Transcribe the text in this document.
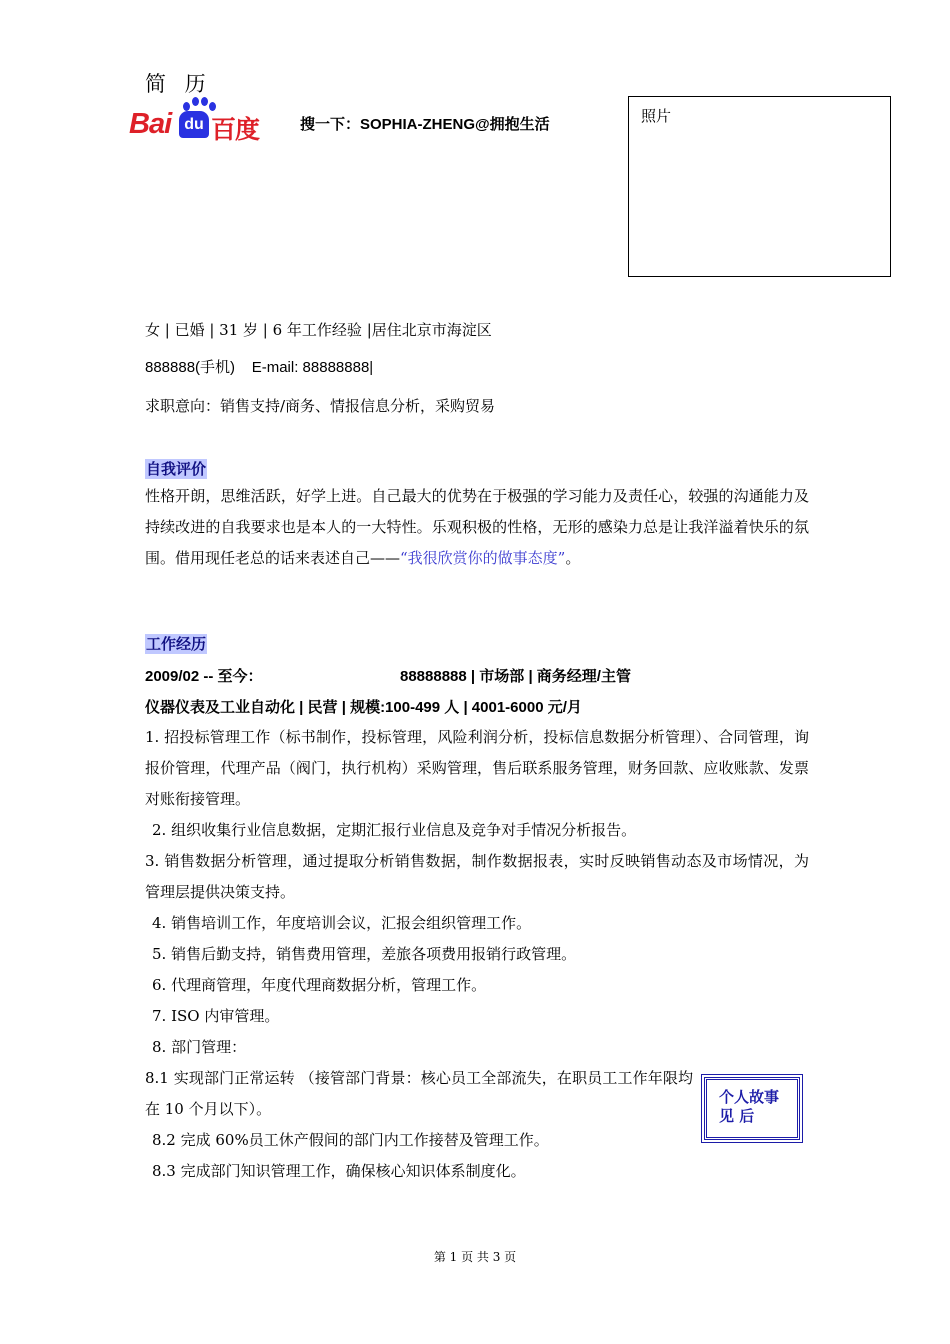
简 历
Bai du 百度	搜一下：SOPHIA-ZHENG@拥抱生活	照片
女 | 已婚 | 31 岁 | 6 年工作经验 |居住北京市海淀区
888888(手机)    E-mail: 88888888|
求职意向：销售支持/商务、情报信息分析，采购贸易
自我评价
性格开朗，思维活跃，好学上进。自己最大的优势在于极强的学习能力及责任心，较强的沟通能力及持续改进的自我要求也是本人的一大特性。乐观积极的性格，无形的感染力总是让我洋溢着快乐的氛围。借用现任老总的话来表述自己——“我很欣赏你的做事态度”。
工作经历
2009/02 -- 至今：	88888888 | 市场部 | 商务经理/主管
仪器仪表及工业自动化 | 民营 | 规模:100-499 人 | 4001-6000 元/月
1. 招投标管理工作（标书制作，投标管理，风险利润分析，投标信息数据分析管理）、合同管理，询报价管理，代理产品（阀门，执行机构）采购管理，售后联系服务管理，财务回款、应收账款、发票对账衔接管理。
2. 组织收集行业信息数据，定期汇报行业信息及竞争对手情况分析报告。
3. 销售数据分析管理，通过提取分析销售数据，制作数据报表，实时反映销售动态及市场情况，为管理层提供决策支持。
4. 销售培训工作，年度培训会议，汇报会组织管理工作。
5. 销售后勤支持，销售费用管理，差旅各项费用报销行政管理。
6. 代理商管理，年度代理商数据分析，管理工作。
7. ISO 内审管理。
8. 部门管理：
8.1 实现部门正常运转 （接管部门背景：核心员工全部流失，在职员工工作年限均在 10 个月以下）。
8.2 完成 60%员工休产假间的部门内工作接替及管理工作。
8.3 完成部门知识管理工作，确保核心知识体系制度化。
个人故事见 后
第 1 页 共 3 页
